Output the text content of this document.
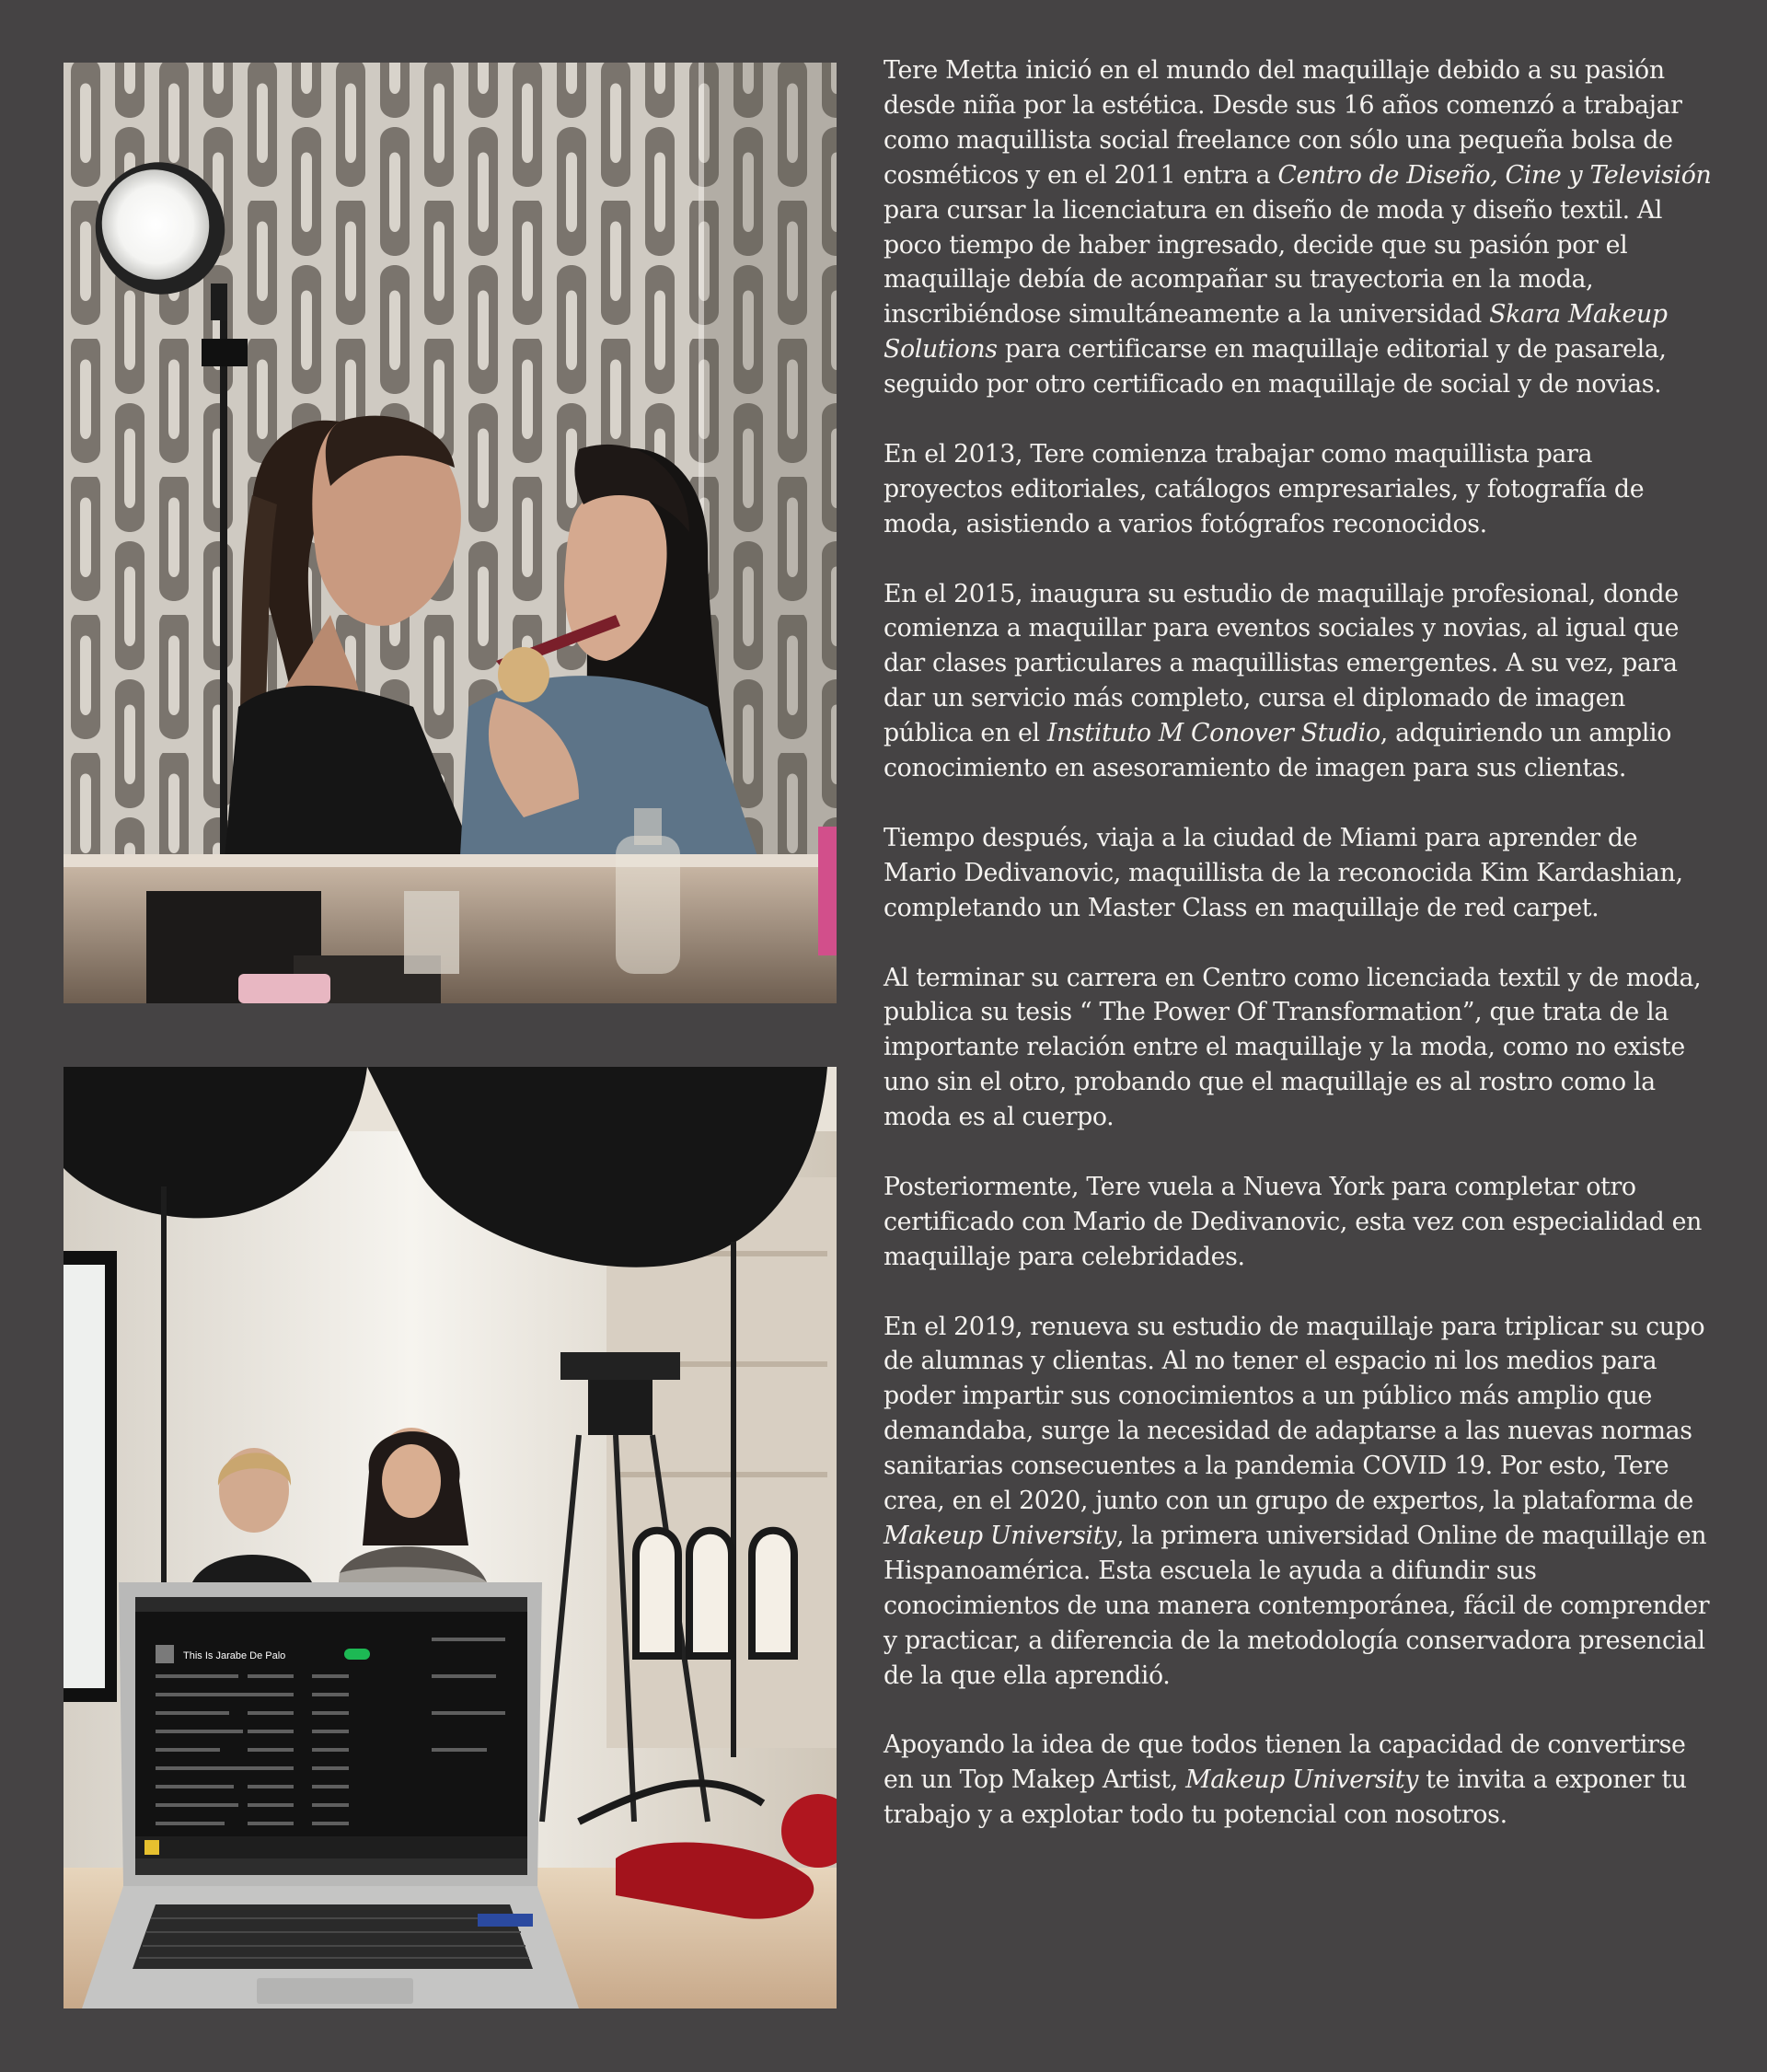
This Is Jarabe De Palo

Tere Metta inició en el mundo del maquillaje debido a su pasión desde niña por la estética. Desde sus 16 años comenzó a trabajar como maquillista social freelance con sólo una pequeña bolsa de cosméticos y en el 2011 entra a Centro de Diseño, Cine y Televisión para cursar la licenciatura en diseño de moda y diseño textil. Al poco tiempo de haber ingresado, decide que su pasión por el maquillaje debía de acompañar su trayectoria en la moda, inscribiéndose simultáneamente a la universidad Skara Makeup Solutions para certificarse en maquillaje editorial y de pasarela, seguido por otro certificado en maquillaje de social y de novias.

En el 2013, Tere comienza trabajar como maquillista para proyectos editoriales, catálogos empresariales, y fotografía de moda, asistiendo a varios fotógrafos reconocidos.

En el 2015, inaugura su estudio de maquillaje profesional, donde comienza a maquillar para eventos sociales y novias, al igual que dar clases particulares a maquillistas emergentes. A su vez, para dar un servicio más completo, cursa el diplomado de imagen pública en el Instituto M Conover Studio, adquiriendo un amplio conocimiento en asesoramiento de imagen para sus clientas.

Tiempo después, viaja a la ciudad de Miami para aprender de Mario Dedivanovic, maquillista de la reconocida Kim Kardashian, completando un Master Class en maquillaje de red carpet.

Al terminar su carrera en Centro como licenciada textil y de moda, publica su tesis “ The Power Of Transformation”, que trata de la importante relación entre el maquillaje y la moda, como no existe uno sin el otro, probando que el maquillaje es al rostro como la moda es al cuerpo.

Posteriormente, Tere vuela a Nueva York para completar otro certificado con Mario de Dedivanovic, esta vez con especialidad en maquillaje para celebridades.

En el 2019, renueva su estudio de maquillaje para triplicar su cupo de alumnas y clientas. Al no tener el espacio ni los medios para poder impartir sus conocimientos a un público más amplio que demandaba, surge la necesidad de adaptarse a las nuevas normas sanitarias consecuentes a la pandemia COVID 19. Por esto, Tere crea, en el 2020, junto con un grupo de expertos, la plataforma de Makeup University, la primera universidad Online de maquillaje en Hispanoamérica. Esta escuela le ayuda a difundir sus conocimientos de una manera contemporánea, fácil de comprender y practicar, a diferencia de la metodología conservadora presencial de la que ella aprendió.

Apoyando la idea de que todos tienen la capacidad de convertirse en un Top Makep Artist, Makeup University te invita a exponer tu trabajo y a explotar todo tu potencial con nosotros.
